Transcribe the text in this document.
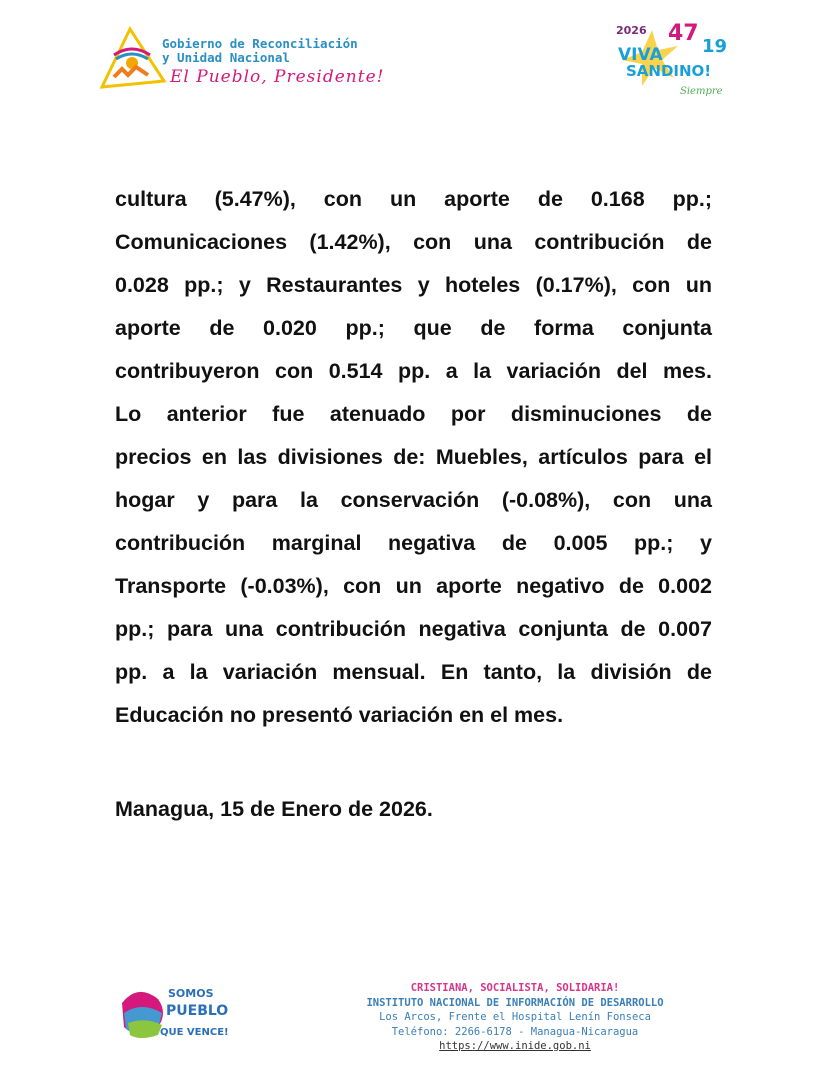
Gobierno de Reconciliación
y Unidad Nacional
El Pueblo, Presidente!
2026 47
19
VIVA
SANDINO!
Siempre
cultura (5.47%), con un aporte de 0.168 pp.;
Comunicaciones (1.42%), con una contribución de
0.028 pp.; y Restaurantes y hoteles (0.17%), con un
aporte de 0.020 pp.; que de forma conjunta
contribuyeron con 0.514 pp. a la variación del mes.
Lo anterior fue atenuado por disminuciones de
precios en las divisiones de: Muebles, artículos para el
hogar y para la conservación (-0.08%), con una
contribución marginal negativa de 0.005 pp.; y
Transporte (-0.03%), con un aporte negativo de 0.002
pp.; para una contribución negativa conjunta de 0.007
pp. a la variación mensual. En tanto, la división de
Educación no presentó variación en el mes.
Managua, 15 de Enero de 2026.
SOMOS
PUEBLO
QUE VENCE!
CRISTIANA, SOCIALISTA, SOLIDARIA!
INSTITUTO NACIONAL DE INFORMACIÓN DE DESARROLLO
Los Arcos, Frente el Hospital Lenín Fonseca
Teléfono: 2266-6178 - Managua-Nicaragua
https://www.inide.gob.ni
